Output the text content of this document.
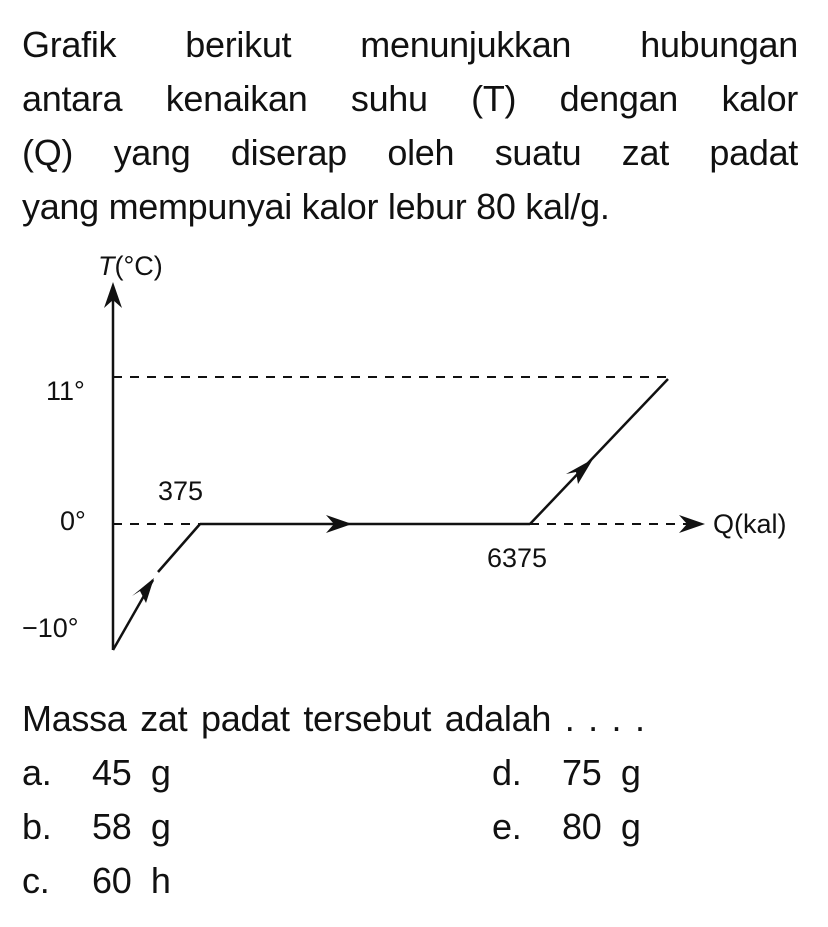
Grafik berikut menunjukkan hubungan
antara kenaikan suhu (T) dengan kalor
(Q) yang diserap oleh suatu zat padat
yang mempunyai kalor lebur 80 kal/g.
T(°C)
11°
0°
−10°
375
6375
Q(kal)
Massa zat padat tersebut adalah . . . .
a. 45  g
b. 58  g
c. 60  h
d. 75  g
e. 80  g
